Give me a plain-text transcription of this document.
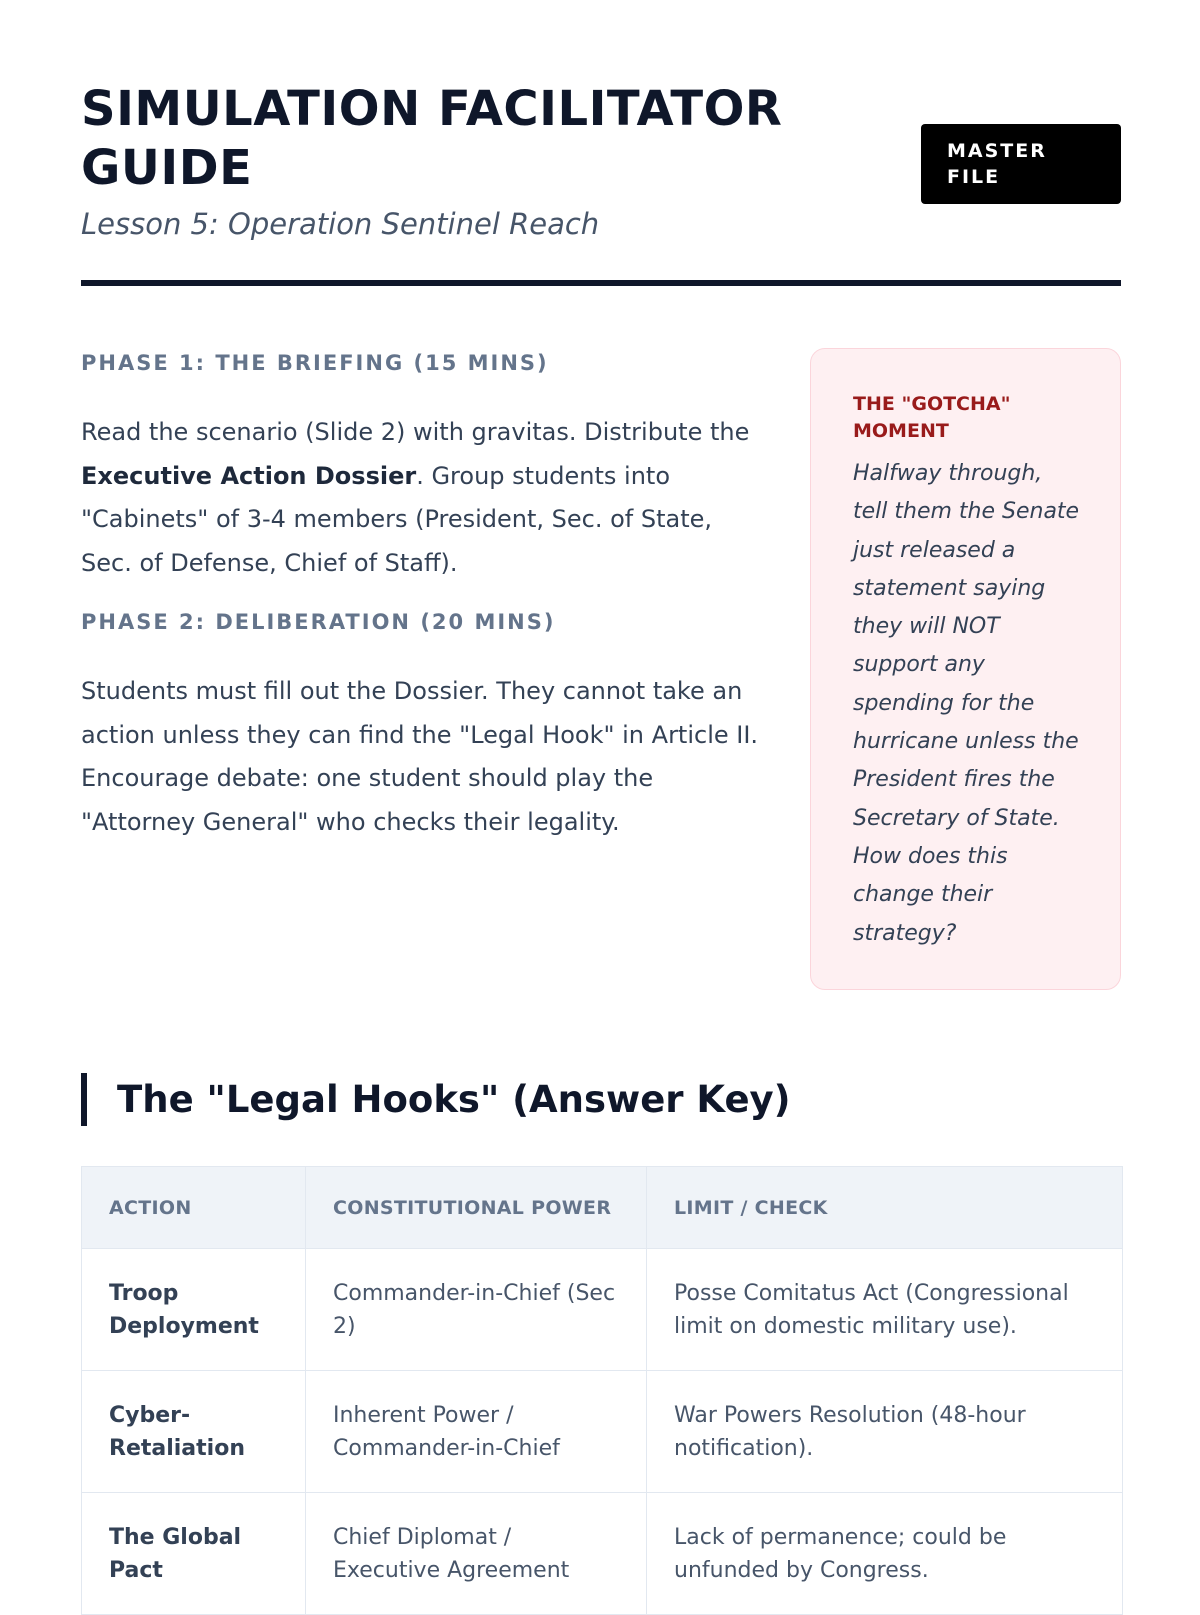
SIMULATION FACILITATOR GUIDE

Lesson 5: Operation Sentinel Reach

MASTER FILE
PHASE 1: THE BRIEFING (15 MINS)

Read the scenario (Slide 2) with gravitas. Distribute the Executive Action Dossier. Group students into "Cabinets" of 3-4 members (President, Sec. of State, Sec. of Defense, Chief of Staff).

PHASE 2: DELIBERATION (20 MINS)

Students must fill out the Dossier. They cannot take an action unless they can find the "Legal Hook" in Article II. Encourage debate: one student should play the "Attorney General" who checks their legality.

THE "GOTCHA" MOMENT

Halfway through, tell them the Senate just released a statement saying they will NOT support any spending for the hurricane unless the President fires the Secretary of State. How does this change their strategy?

The "Legal Hooks" (Answer Key)
ACTION	CONSTITUTIONAL POWER	LIMIT / CHECK
Troop Deployment	Commander-in-Chief (Sec 2)	Posse Comitatus Act (Congressional limit on domestic military use).
Cyber-Retaliation	Inherent Power / Commander-in-Chief	War Powers Resolution (48-hour notification).
The Global Pact	Chief Diplomat / Executive Agreement	Lack of permanence; could be unfunded by Congress.
